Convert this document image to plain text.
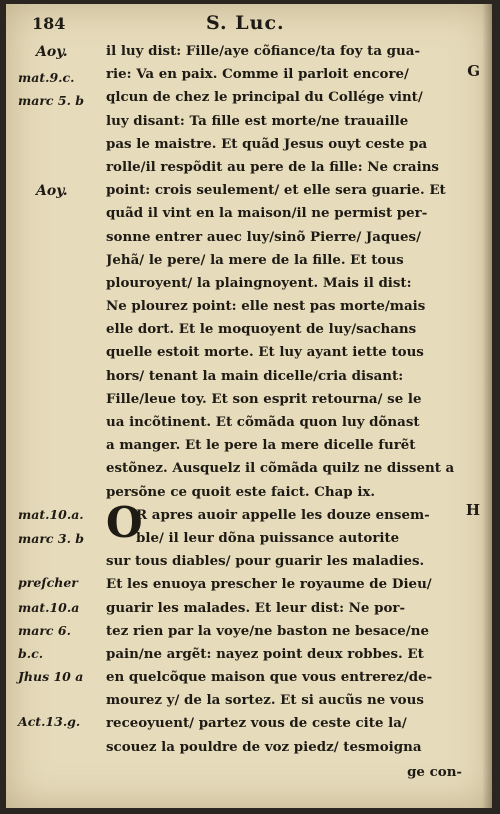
184	S. Luc.
Aoy.
mat.9.c.
marc 5. b
Aoy.
mat.10.a.
marc 3. b
preſcher
mat.10.a
marc 6.
b.c.
Jhus 10 a
Act.13.g.
G
H
il luy dist: Fille/aye cõfiance/ta foy ta gua-
rie: Va en paix. Comme il parloit encore/
qlcun de chez le principal du Collége vint/
luy disant: Ta fille est morte/ne trauaille
pas le maistre. Et quãd Jesus ouyt ceste pa
rolle/il respõdit au pere de la fille: Ne crains
point: crois seulement/ et elle sera guarie. Et
quãd il vint en la maison/il ne permist per-
sonne entrer auec luy/sinõ Pierre/ Jaques/
Jehã/ le pere/ la mere de la fille. Et tous
plouroyent/ la plaingnoyent. Mais il dist:
Ne plourez point: elle nest pas morte/mais
elle dort. Et le moquoyent de luy/sachans
quelle estoit morte. Et luy ayant iette tous
hors/ tenant la main dicelle/cria disant:
Fille/leue toy. Et son esprit retourna/ se le
ua incõtinent. Et cõmãda quon luy dõnast
a manger. Et le pere la mere dicelle furẽt
estõnez. Ausquelz il cõmãda quilz ne dissent a
persõne ce quoit este faict. Chap ix.
R apres auoir appelle les douze ensem-
ble/ il leur dõna puissance autorite
sur tous diables/ pour guarir les maladies.
Et les enuoya prescher le royaume de Dieu/
guarir les malades. Et leur dist: Ne por-
tez rien par la voye/ne baston ne besace/ne
pain/ne argẽt: nayez point deux robbes. Et
en quelcõque maison que vous entrerez/de-
mourez y/ de la sortez. Et si aucũs ne vous
receoyuent/ partez vous de ceste cite la/
scouez la pouldre de voz piedz/ tesmoigna
O
ge con-
